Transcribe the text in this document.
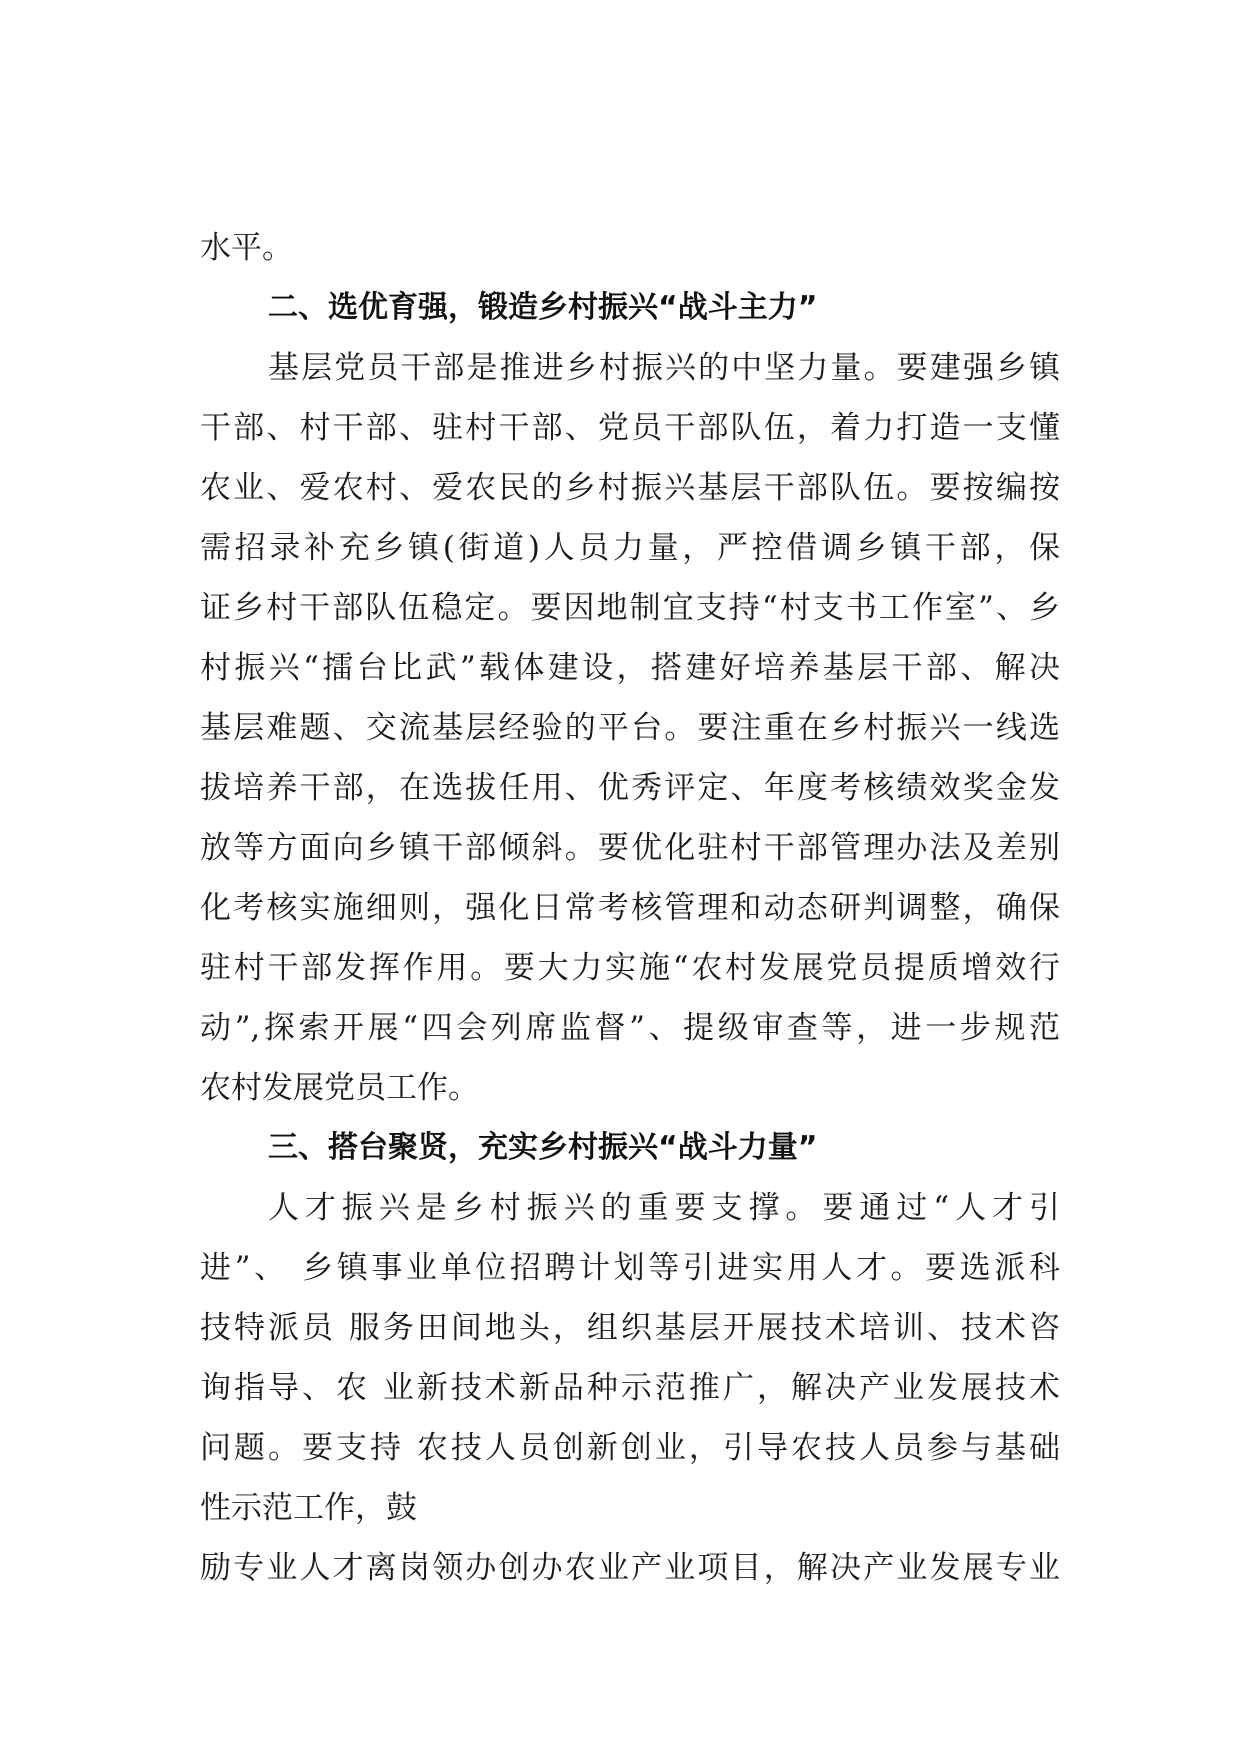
水平。
二、选优育强，锻造乡村振兴“战斗主力”
基层党员干部是推进乡村振兴的中坚力量。要建强乡镇
干部、村干部、驻村干部、党员干部队伍，着力打造一支懂
农业、爱农村、爱农民的乡村振兴基层干部队伍。要按编按
需招录补充乡镇(街道)人员力量，严控借调乡镇干部，保
证乡村干部队伍稳定。要因地制宜支持“村支书工作室”、乡
村振兴“擂台比武”载体建设，搭建好培养基层干部、解决
基层难题、交流基层经验的平台。要注重在乡村振兴一线选
拔培养干部，在选拔任用、优秀评定、年度考核绩效奖金发
放等方面向乡镇干部倾斜。要优化驻村干部管理办法及差别
化考核实施细则，强化日常考核管理和动态研判调整，确保
驻村干部发挥作用。要大力实施“农村发展党员提质增效行
动”,探索开展“四会列席监督”、提级审查等，进一步规范
农村发展党员工作。
三、搭台聚贤，充实乡村振兴“战斗力量”
人才振兴是乡村振兴的重要支撑。要通过“人才引
进”、 乡镇事业单位招聘计划等引进实用人才。要选派科
技特派员 服务田间地头，组织基层开展技术培训、技术咨
询指导、农 业新技术新品种示范推广，解决产业发展技术
问题。要支持 农技人员创新创业，引导农技人员参与基础
性示范工作，鼓
励专业人才离岗领办创办农业产业项目，解决产业发展专业
